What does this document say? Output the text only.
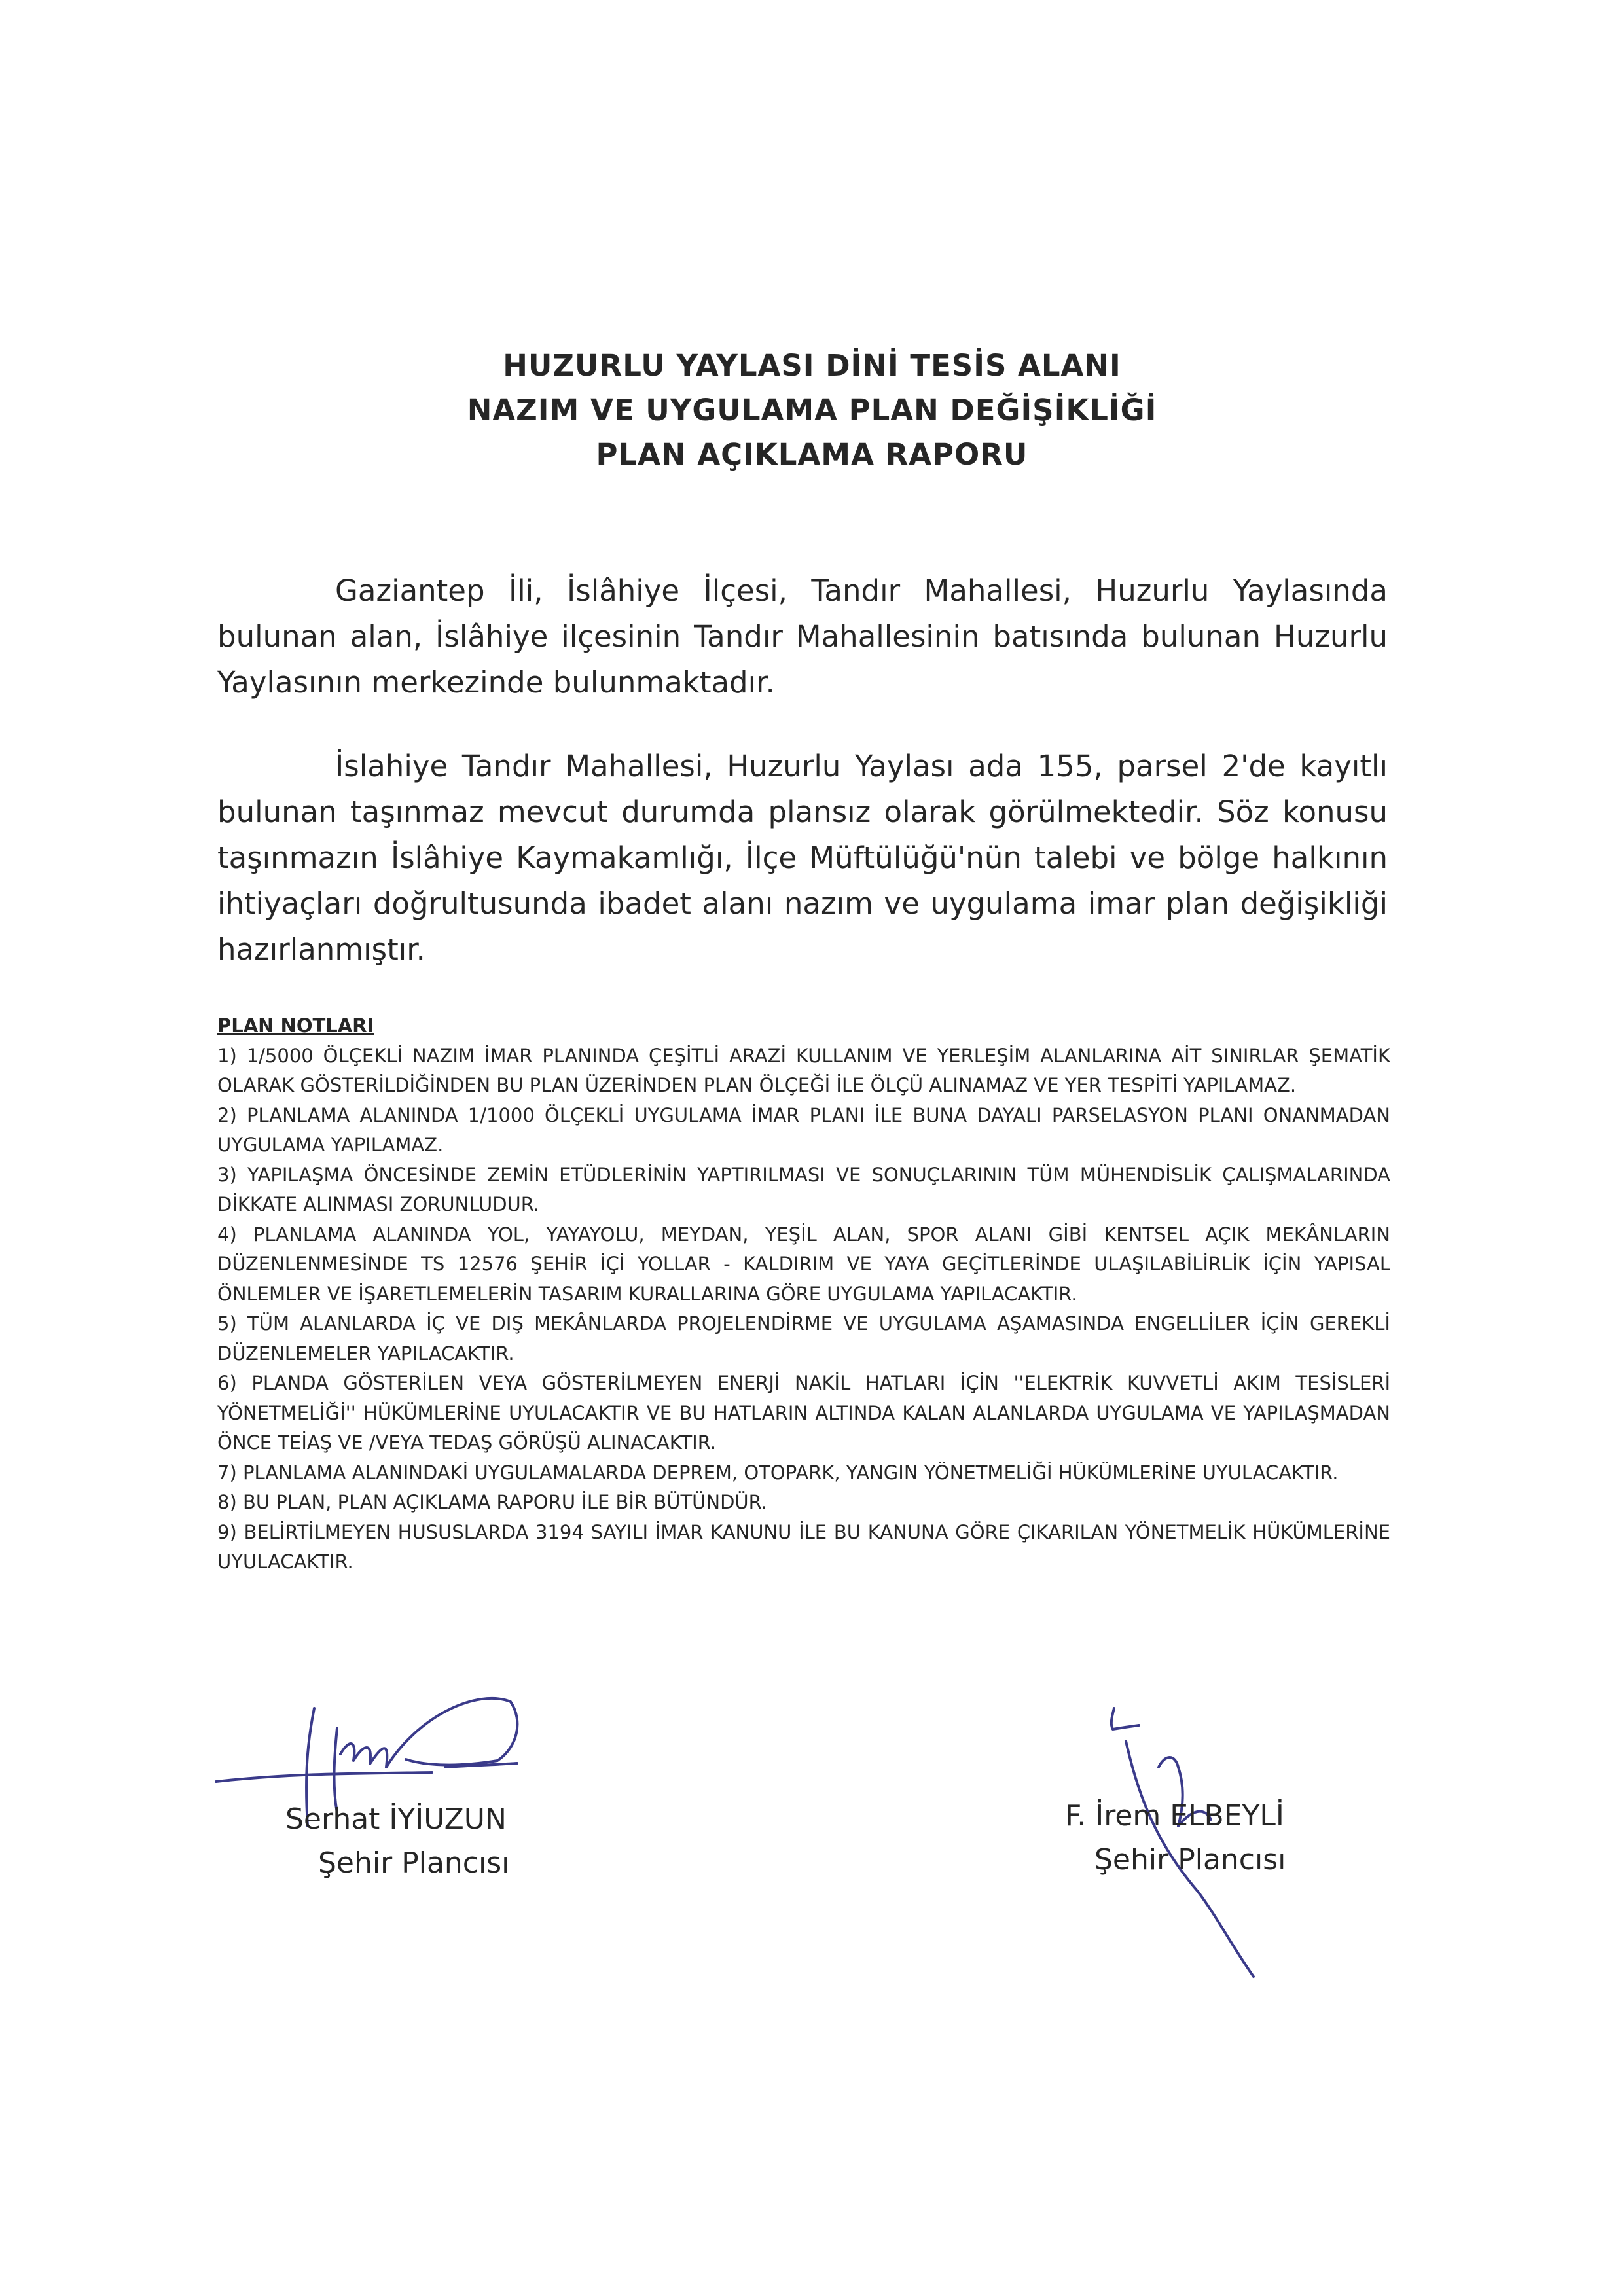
HUZURLU YAYLASI DİNİ TESİS ALANI
NAZIM VE UYGULAMA PLAN DEĞİŞİKLİĞİ
PLAN AÇIKLAMA RAPORU
Gaziantep İli, İslâhiye İlçesi, Tandır Mahallesi, Huzurlu Yaylasında bulunan alan, İslâhiye ilçesinin Tandır Mahallesinin batısında bulunan Huzurlu Yaylasının merkezinde bulunmaktadır.
İslahiye Tandır Mahallesi, Huzurlu Yaylası ada 155, parsel 2'de kayıtlı bulunan taşınmaz mevcut durumda plansız olarak görülmektedir. Söz konusu taşınmazın İslâhiye Kaymakamlığı, İlçe Müftülüğü'nün talebi ve bölge halkının ihtiyaçları doğrultusunda ibadet alanı nazım ve uygulama imar plan değişikliği hazırlanmıştır.
PLAN NOTLARI
1) 1/5000 ÖLÇEKLİ NAZIM İMAR PLANINDA ÇEŞİTLİ ARAZİ KULLANIM VE YERLEŞİM ALANLARINA AİT SINIRLAR ŞEMATİK OLARAK GÖSTERİLDİĞİNDEN BU PLAN ÜZERİNDEN PLAN ÖLÇEĞİ İLE ÖLÇÜ ALINAMAZ VE YER TESPİTİ YAPILAMAZ.
2) PLANLAMA ALANINDA 1/1000 ÖLÇEKLİ UYGULAMA İMAR PLANI İLE BUNA DAYALI PARSELASYON PLANI ONANMADAN UYGULAMA YAPILAMAZ.
3) YAPILAŞMA ÖNCESİNDE ZEMİN ETÜDLERİNİN YAPTIRILMASI VE SONUÇLARININ TÜM MÜHENDİSLİK ÇALIŞMALARINDA DİKKATE ALINMASI ZORUNLUDUR.
4) PLANLAMA ALANINDA YOL, YAYAYOLU, MEYDAN, YEŞİL ALAN, SPOR ALANI GİBİ KENTSEL AÇIK MEKÂNLARIN DÜZENLENMESİNDE TS 12576 ŞEHİR İÇİ YOLLAR - KALDIRIM VE YAYA GEÇİTLERİNDE ULAŞILABİLİRLİK İÇİN YAPISAL ÖNLEMLER VE İŞARETLEMELERİN TASARIM KURALLARINA GÖRE UYGULAMA YAPILACAKTIR.
5) TÜM ALANLARDA İÇ VE DIŞ MEKÂNLARDA PROJELENDİRME VE UYGULAMA AŞAMASINDA ENGELLİLER İÇİN GEREKLİ DÜZENLEMELER YAPILACAKTIR.
6) PLANDA GÖSTERİLEN VEYA GÖSTERİLMEYEN ENERJİ NAKİL HATLARI İÇİN ''ELEKTRİK KUVVETLİ AKIM TESİSLERİ YÖNETMELİĞİ'' HÜKÜMLERİNE UYULACAKTIR VE BU HATLARIN ALTINDA KALAN ALANLARDA UYGULAMA VE YAPILAŞMADAN ÖNCE TEİAŞ VE /VEYA TEDAŞ GÖRÜŞÜ ALINACAKTIR.
7) PLANLAMA ALANINDAKİ UYGULAMALARDA DEPREM, OTOPARK, YANGIN YÖNETMELİĞİ HÜKÜMLERİNE UYULACAKTIR.
8) BU PLAN, PLAN AÇIKLAMA RAPORU İLE BİR BÜTÜNDÜR.
9) BELİRTİLMEYEN HUSUSLARDA 3194 SAYILI İMAR KANUNU İLE BU KANUNA GÖRE ÇIKARILAN YÖNETMELİK HÜKÜMLERİNE UYULACAKTIR.
Serhat İYİUZUN
Şehir Plancısı
F. İrem ELBEYLİ
Şehir Plancısı
